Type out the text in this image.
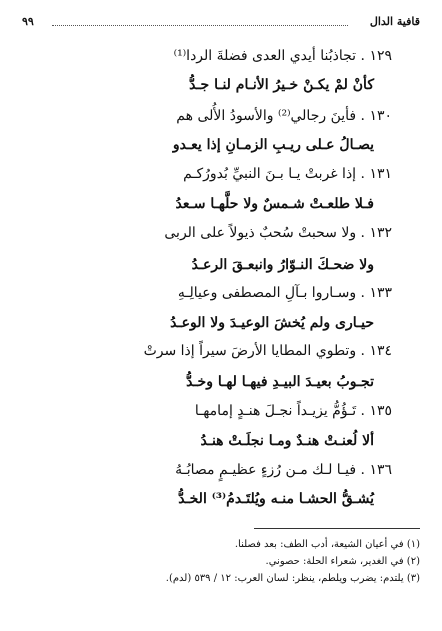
قافية الدال
٩٩
١٢٩ . تجاذبُنا أيدي العدى فضلةَ الردا⁽¹⁾
كأنْ لمْ يكـنْ خـيرُ الأنـام لنـا جـدُّ
١٣٠ . فأينَ رجالي⁽²⁾ والأسودُ الأُلى هم
يصـالُ عـلى ريـبِ الزمـانِ إذا يعـدو
١٣١ . إذا غربتْ يـا بـنَ النبيِّ بُدورُكـم
فـلا طلعـتْ شـمسٌ ولا حلَّهـا سـعدُ
١٣٢ . ولا سحبتْ سُحبٌ ذيولاً على الربى
ولا ضحـكَ النـوّارُ وانبعـقَ الرعـدُ
١٣٣ . وسـاروا بـآلِ المصطفى وعيالِـهِ
حيـارى ولم يُخشَ الوعيـدَ ولا الوعـدُ
١٣٤ . وتطوي المطايا الأرضَ سيراً إذا سرتْ
تجـوبُ بعيـدَ البيـدِ فيهـا لهـا وخـدُّ
١٣٥ . تَـؤُمُّ يزيـداً نجـلَ هنـدٍ إمامهـا
ألا لُعنـتْ هنـدٌ ومـا نجلَـتْ هنـدُ
١٣٦ . فيـا لـك مـن رُزءٍ عظيـمٍ مصابُـهُ
يُشـقُّ الحشـا منـه ويُلتَـدمُ⁽³⁾ الخـدُّ
(١) في أعيان الشيعة، أدب الطف: بعد فصلنا.
(٢) في الغدير، شعراء الحلة: حصوني.
(٣) يلتدم: يضرب ويلطم، ينظر: لسان العرب: ١٢ / ٥٣٩ (لدم).
